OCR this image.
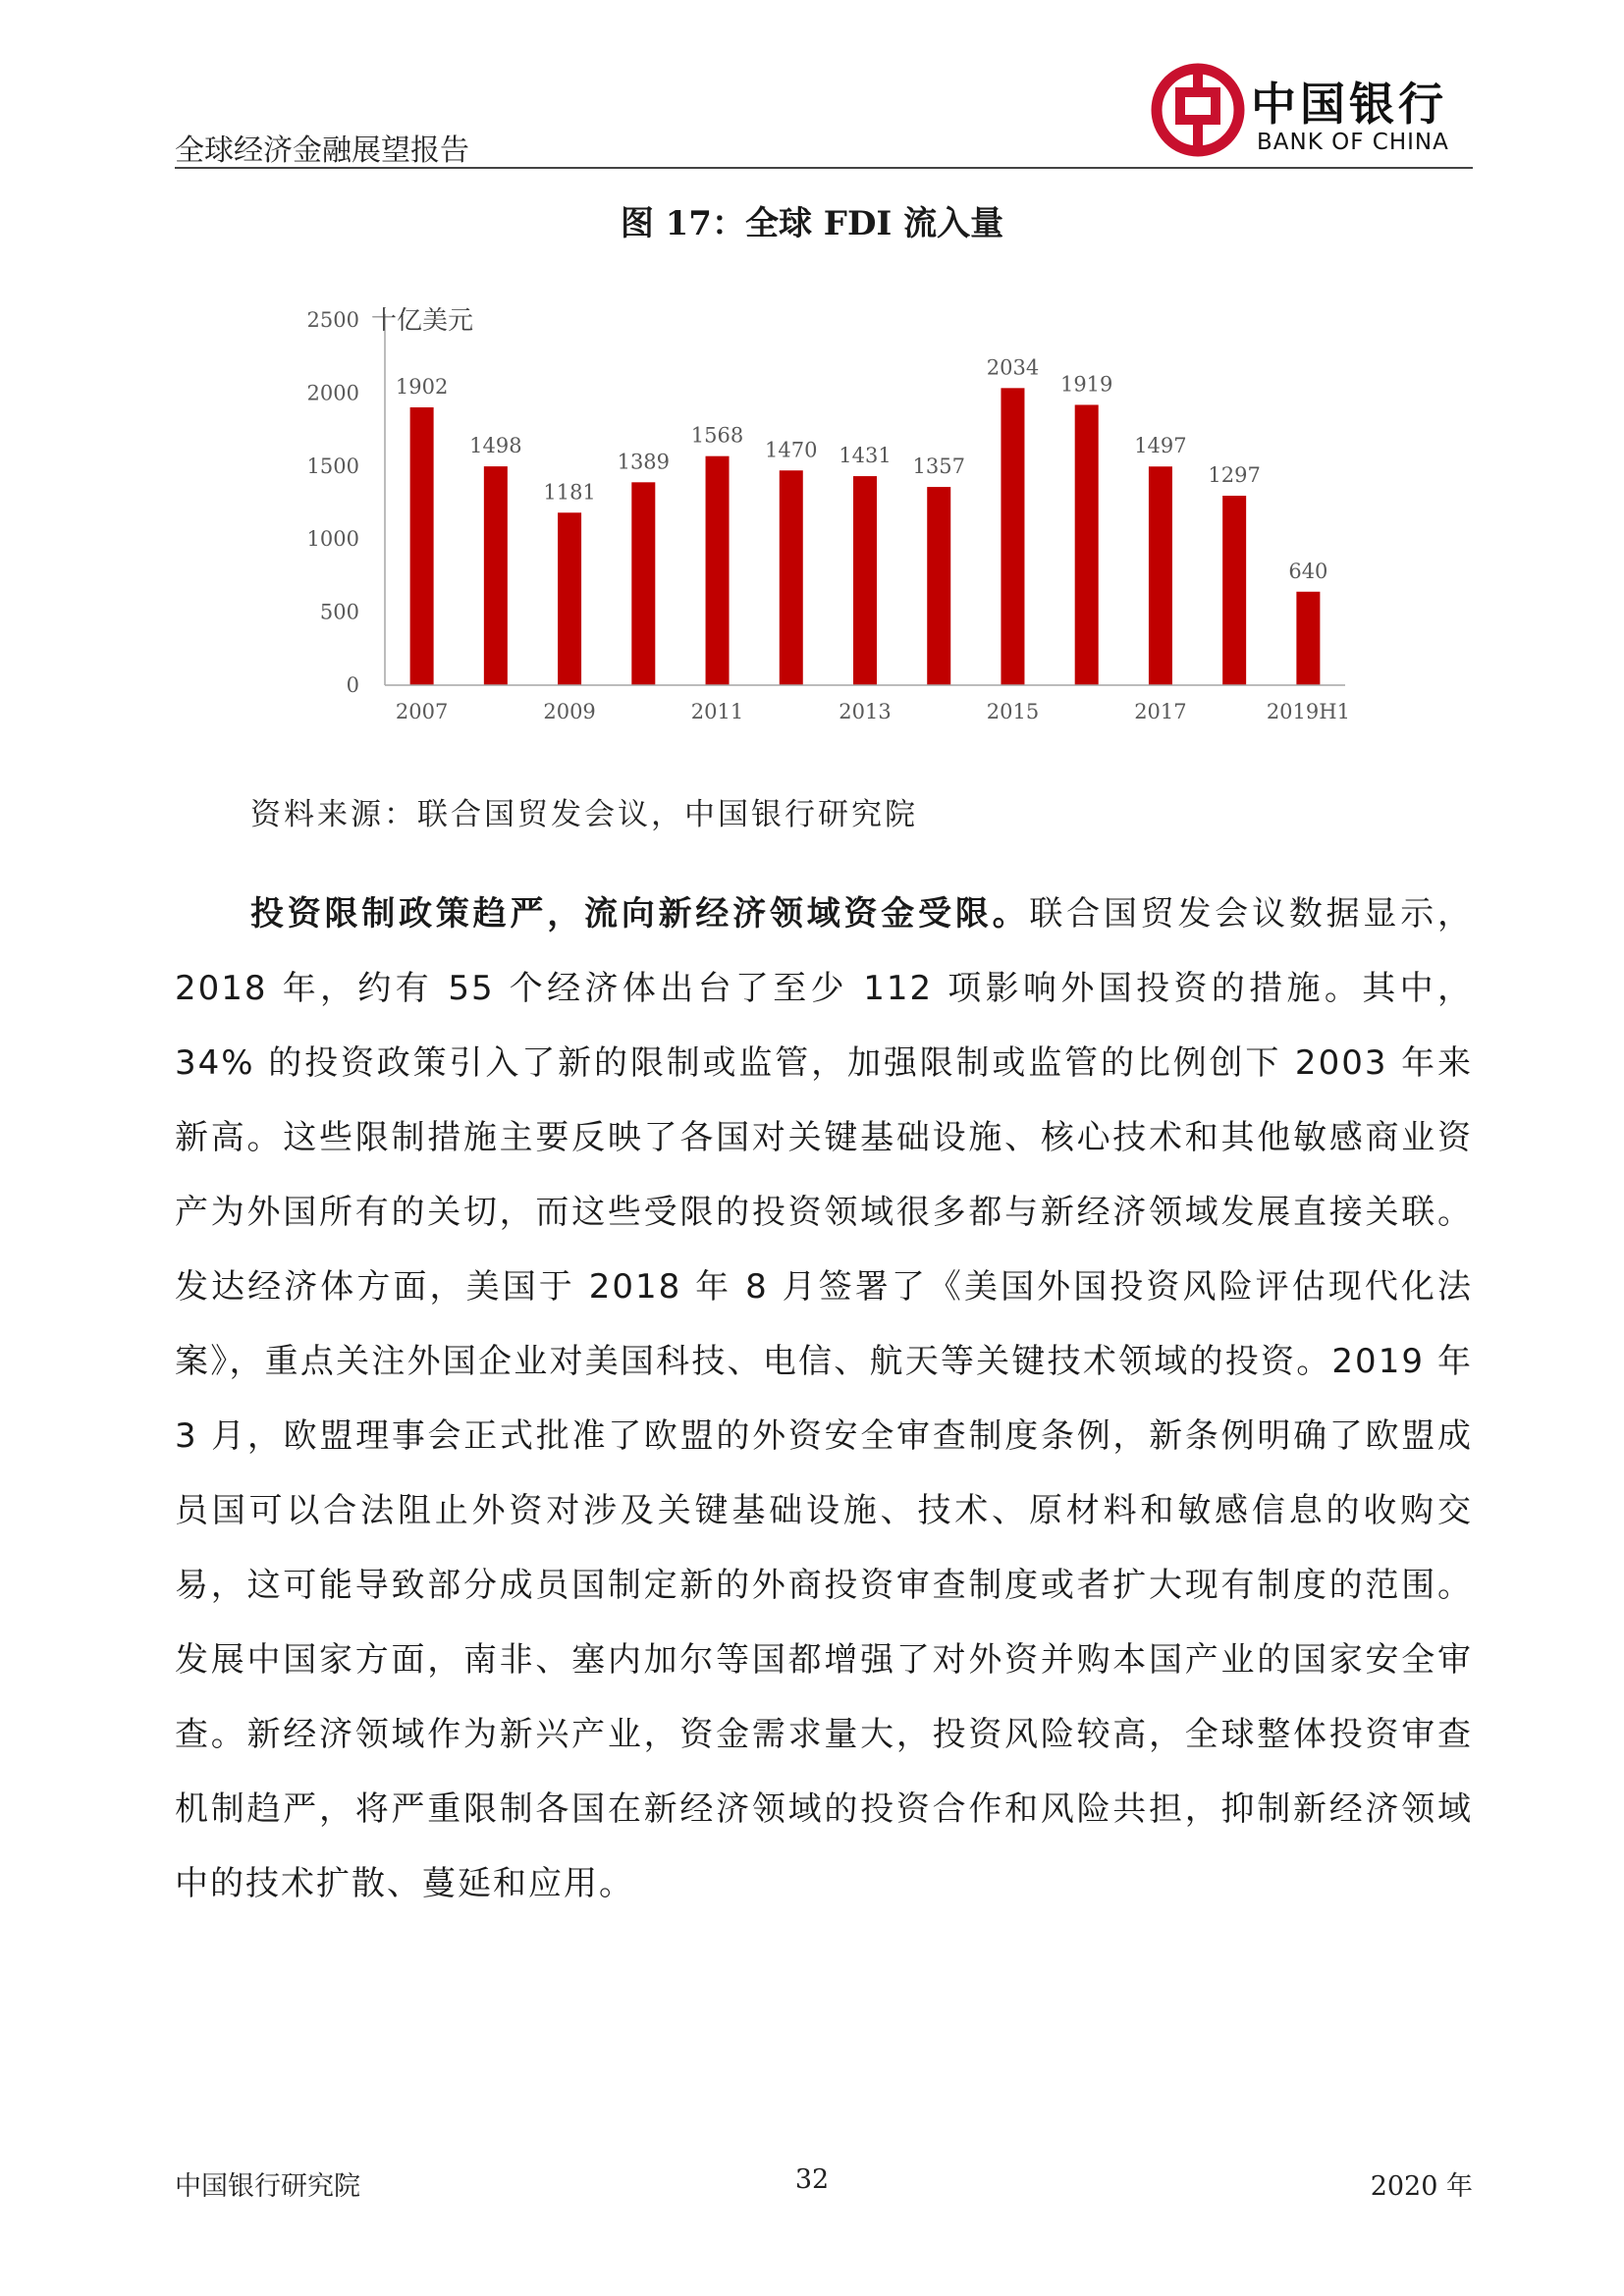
全球经济金融展望报告
中国银行
BANK OF CHINA
图 17：全球 FDI 流入量
0
500
1000
1500
2000
2500 十亿美元
1902
1498
1181
1389
1568
1470 1431 1357
2034
1919
1497
1297
640
2007	2009	2011	2013	2015	2017	2019H1
资料来源：联合国贸发会议，中国银行研究院
投资限制政策趋严，流向新经济领域资金受限。联合国贸发会议数据显示，2018 年，约有 55 个经济体出台了至少 112 项影响外国投资的措施。其中，34% 的投资政策引入了新的限制或监管，加强限制或监管的比例创下 2003 年来新高。这些限制措施主要反映了各国对关键基础设施、核心技术和其他敏感商业资产为外国所有的关切，而这些受限的投资领域很多都与新经济领域发展直接关联。发达经济体方面，美国于 2018 年 8 月签署了《美国外国投资风险评估现代化法案》，重点关注外国企业对美国科技、电信、航天等关键技术领域的投资。2019 年 3 月，欧盟理事会正式批准了欧盟的外资安全审查制度条例，新条例明确了欧盟成员国可以合法阻止外资对涉及关键基础设施、技术、原材料和敏感信息的收购交易，这可能导致部分成员国制定新的外商投资审查制度或者扩大现有制度的范围。发展中国家方面，南非、塞内加尔等国都增强了对外资并购本国产业的国家安全审查。新经济领域作为新兴产业，资金需求量大，投资风险较高，全球整体投资审查机制趋严，将严重限制各国在新经济领域的投资合作和风险共担，抑制新经济领域中的技术扩散、蔓延和应用。
中国银行研究院	32	2020 年
